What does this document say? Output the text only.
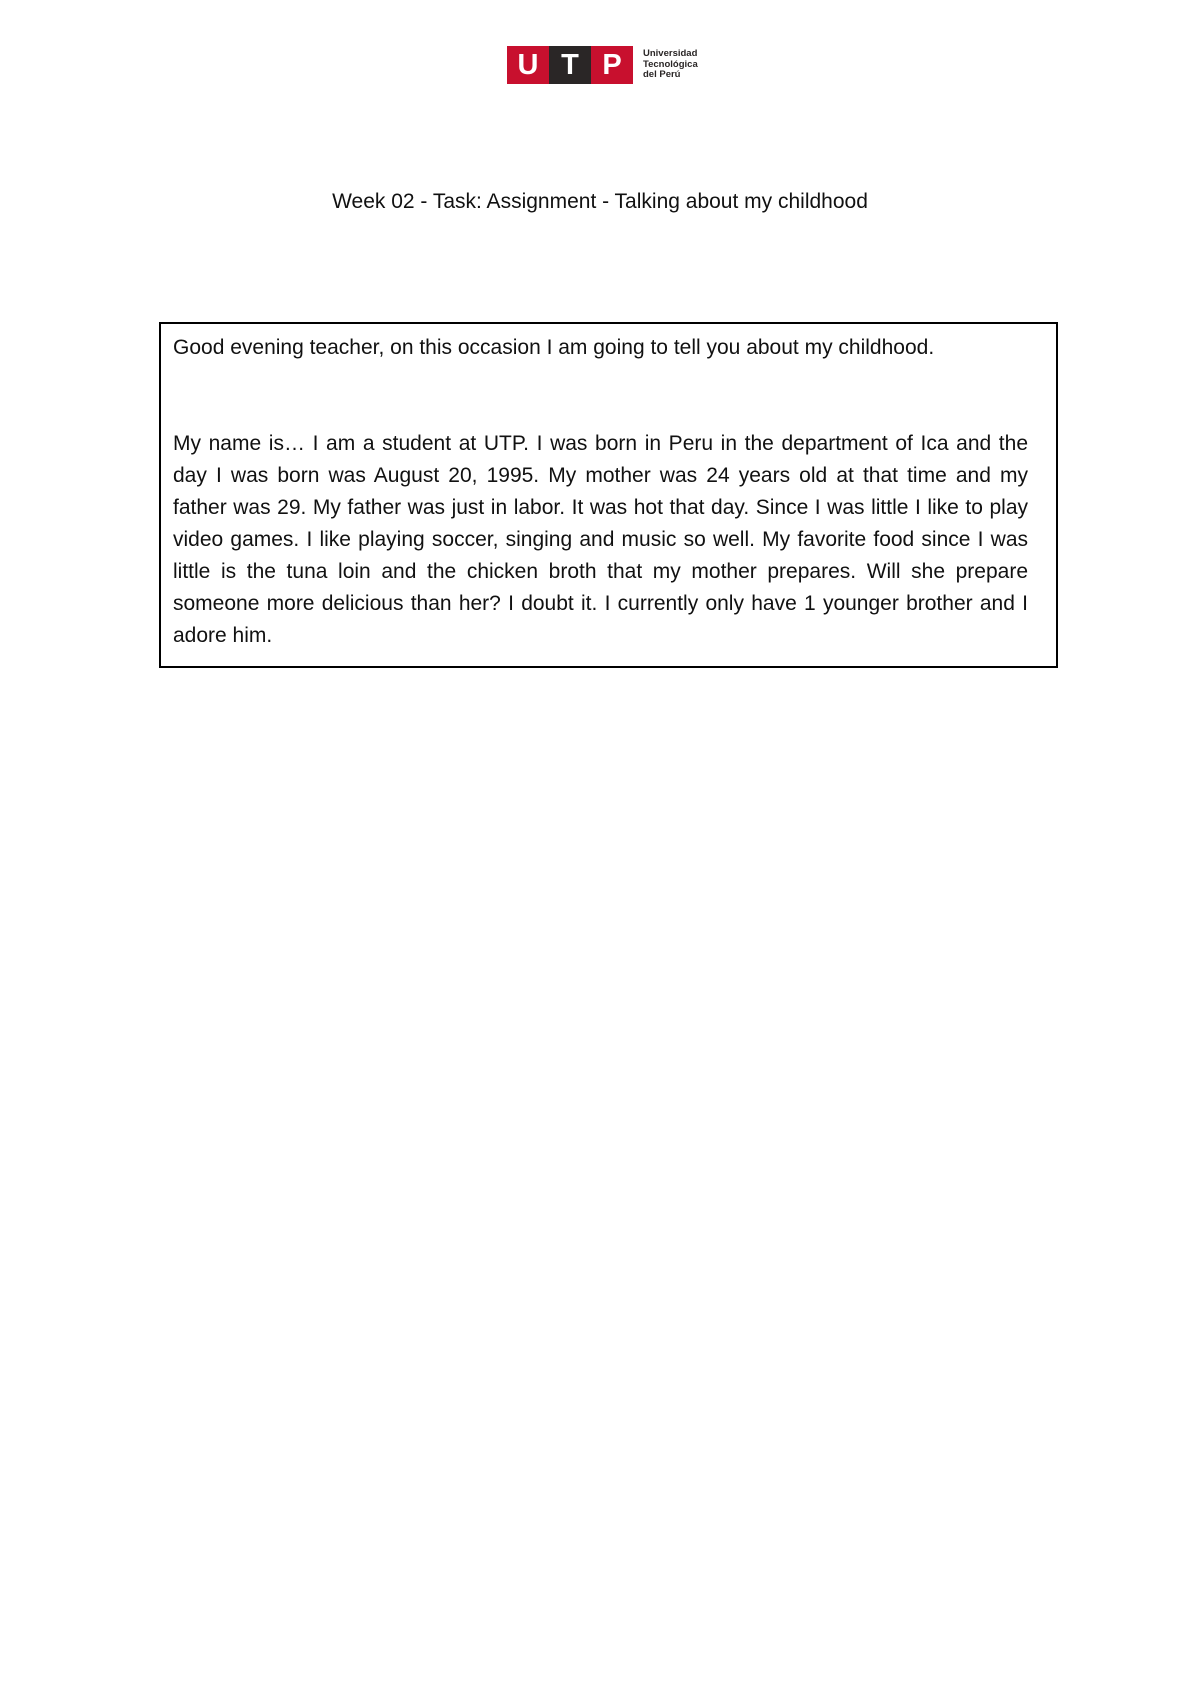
U T P	Universidad
Tecnológica
del Perú
Week 02 - Task: Assignment - Talking about my childhood

Good evening teacher, on this occasion I am going to tell you about my childhood.

My name is… I am a student at UTP. I was born in Peru in the department of Ica and the day I was born was August 20, 1995. My mother was 24 years old at that time and my father was 29. My father was just in labor. It was hot that day. Since I was little I like to play video games. I like playing soccer, singing and music so well. My favorite food since I was little is the tuna loin and the chicken broth that my mother prepares. Will she prepare someone more delicious than her? I doubt it. I currently only have 1 younger brother and I adore him.
